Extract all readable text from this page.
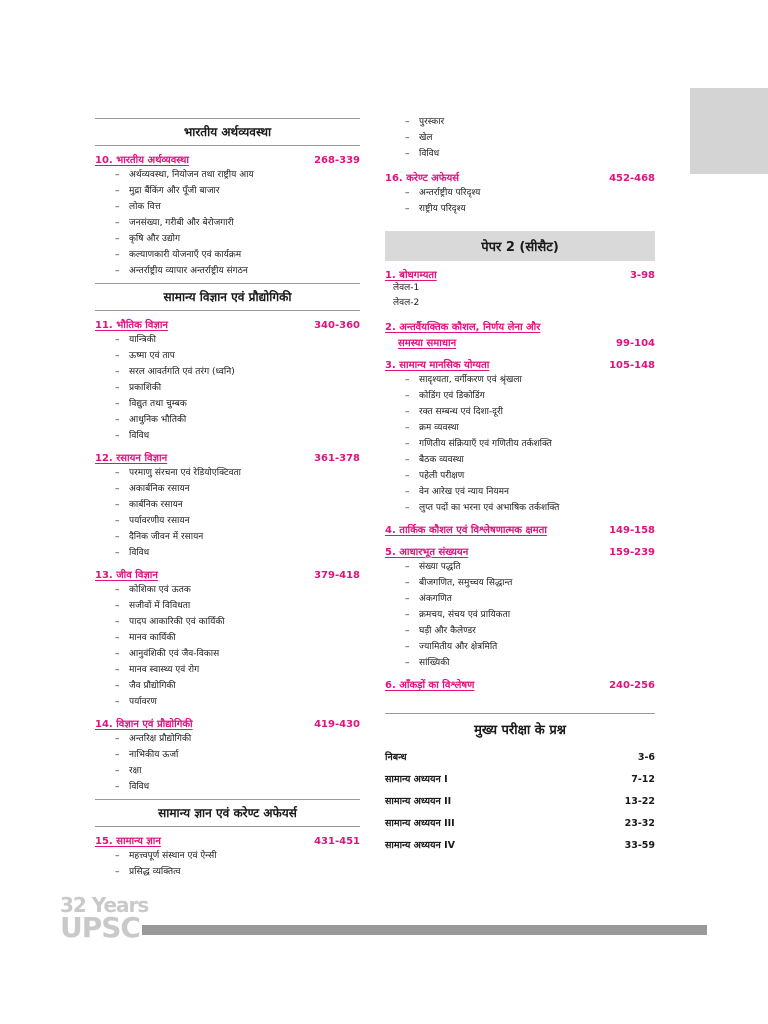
भारतीय अर्थव्यवस्था
10. भारतीय अर्थव्यवस्था	268-339
– अर्थव्यवस्था, नियोजन तथा राष्ट्रीय आय
– मुद्रा बैंकिंग और पूँजी बाजार
– लोक वित्त
– जनसंख्या, गरीबी और बेरोजगारी
– कृषि और उद्योग
– कल्याणकारी योजनाएँ एवं कार्यक्रम
– अन्तर्राष्ट्रीय व्यापार अन्तर्राष्ट्रीय संगठन
सामान्य विज्ञान एवं प्रौद्योगिकी
11. भौतिक विज्ञान	340-360
– यान्त्रिकी
– ऊष्मा एवं ताप
– सरल आवर्तगति एवं तरंग (ध्वनि)
– प्रकाशिकी
– विद्युत तथा चुम्बक
– आधुनिक भौतिकी
– विविध
12. रसायन विज्ञान	361-378
– परमाणु संरचना एवं रेडियोएक्टिवता
– अकार्बनिक रसायन
– कार्बनिक रसायन
– पर्यावरणीय रसायन
– दैनिक जीवन में रसायन
– विविध
13. जीव विज्ञान	379-418
– कोशिका एवं ऊतक
– सजीवों में विविधता
– पादप आकारिकी एवं कार्यिकी
– मानव कार्यिकी
– आनुवंशिकी एवं जैव-विकास
– मानव स्वास्थ्य एवं रोग
– जैव प्रौद्योगिकी
– पर्यावरण
14. विज्ञान एवं प्रौद्योगिकी	419-430
– अन्तरिक्ष प्रौद्योगिकी
– नाभिकीय ऊर्जा
– रक्षा
– विविध
सामान्य ज्ञान एवं करेण्ट अफेयर्स
15. सामान्य ज्ञान	431-451
– महत्त्वपूर्ण संस्थान एवं ऐन्सी
– प्रसिद्ध व्यक्तित्व
– पुरस्कार
– खेल
– विविध
16. करेण्ट अफेयर्स	452-468
– अन्तर्राष्ट्रीय परिदृश्य
– राष्ट्रीय परिदृश्य
पेपर 2 (सीसैट)
1. बोधगम्यता	3-98
लेवल-1
लेवल-2
2. अन्तर्वैयक्तिक कौशल, निर्णय लेना और
समस्या समाधान	99-104
3. सामान्य मानसिक योग्यता	105-148
– सादृश्यता, वर्गीकरण एवं श्रृंखला
– कोडिंग एवं डिकोडिंग
– रक्त सम्बन्ध एवं दिशा-दूरी
– क्रम व्यवस्था
– गणितीय संक्रियाएँ एवं गणितीय तर्कशक्ति
– बैठक व्यवस्था
– पहेली परीक्षण
– वेन आरेख एवं न्याय नियमन
– लुप्त पदों का भरना एवं अभाषिक तर्कशक्ति
4. तार्किक कौशल एवं विश्लेषणात्मक क्षमता	149-158
5. आधारभूत संख्ययन	159-239
– संख्या पद्धति
– बीजगणित, समुच्चय सिद्धान्त
– अंकगणित
– क्रमचय, संचय एवं प्रायिकता
– घड़ी और कैलेण्डर
– ज्यामितीय और क्षेत्रमिति
– सांख्यिकी
6. आँकड़ों का विश्लेषण	240-256
मुख्य परीक्षा के प्रश्न
निबन्ध	3-6
सामान्य अध्ययन I	7-12
सामान्य अध्ययन II	13-22
सामान्य अध्ययन III	23-32
सामान्य अध्ययन IV	33-59
32 Years
UPSC
